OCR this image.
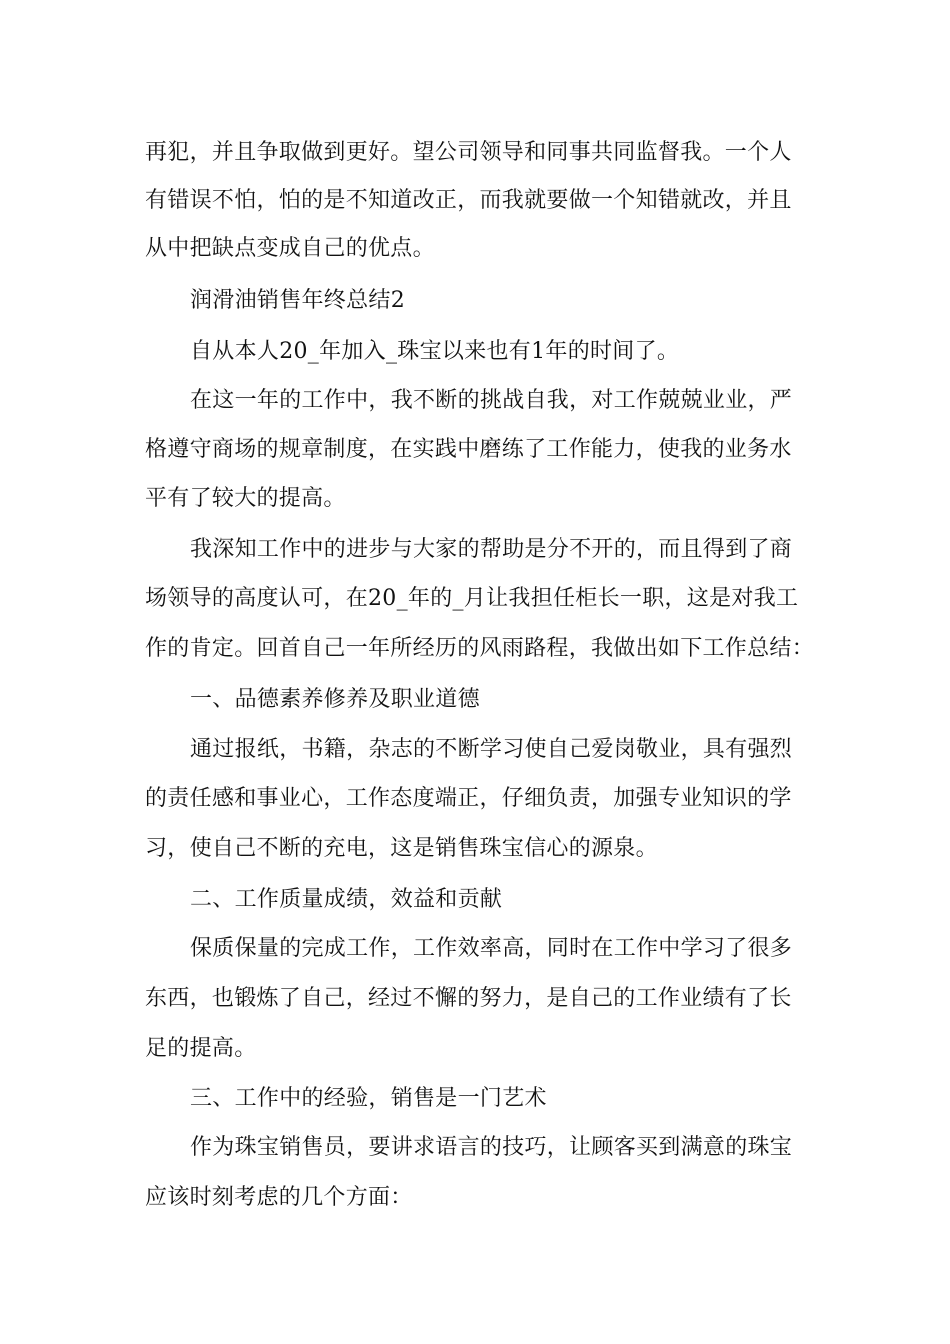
再犯，并且争取做到更好。望公司领导和同事共同监督我。一个人
有错误不怕，怕的是不知道改正，而我就要做一个知错就改，并且
从中把缺点变成自己的优点。
润滑油销售年终总结2
自从本人20_年加入_珠宝以来也有1年的时间了。
在这一年的工作中，我不断的挑战自我，对工作兢兢业业，严
格遵守商场的规章制度，在实践中磨练了工作能力，使我的业务水
平有了较大的提高。
我深知工作中的进步与大家的帮助是分不开的，而且得到了商
场领导的高度认可，在20_年的_月让我担任柜长一职，这是对我工
作的肯定。回首自己一年所经历的风雨路程，我做出如下工作总结：
一、品德素养修养及职业道德
通过报纸，书籍，杂志的不断学习使自己爱岗敬业，具有强烈
的责任感和事业心，工作态度端正，仔细负责，加强专业知识的学
习，使自己不断的充电，这是销售珠宝信心的源泉。
二、工作质量成绩，效益和贡献
保质保量的完成工作，工作效率高，同时在工作中学习了很多
东西，也锻炼了自己，经过不懈的努力，是自己的工作业绩有了长
足的提高。
三、工作中的经验，销售是一门艺术
作为珠宝销售员，要讲求语言的技巧，让顾客买到满意的珠宝
应该时刻考虑的几个方面：
